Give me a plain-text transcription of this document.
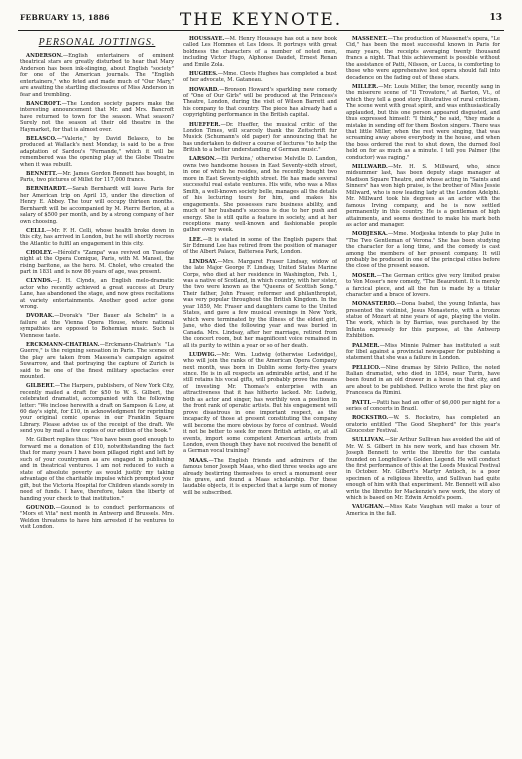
FEBRUARY 15, 1886	THE KEYNOTE.	13
PERSONAL JOTTINGS.

ANDERSON.—English entertainers of eminent theatrical stars are greatly disturbed to hear that Mary Anderson has been ink-slinging, about English "society" for one of the American journals. The "English entertainers," who feted and made much of "Our Mary," are awaiting the startling disclosures of Miss Anderson in fear and trembling.

BANCROFT.—The London society papers make the interesting announcement that Mr. and Mrs. Bancroft have returned to town for the season. What season? Surely not the season at their old theatre in the Haymarket, for that is almost over.

BELASCO.—"Valerie," by David Belasco, to be produced at Wallack's next Monday, is said to be a free adaptation of Sardou's "Fernande," which it will be remembered was the opening play at the Globe Theatre when it was rebuilt.

BENNETT.—Mr. James Gordon Bennett has bought, in Paris, two pictures of Millet for 117,000 francs.

BERNHARDT.—Sarah Bernhardt will leave Paris for her American trip on April 15, under the direction of Henry E. Abbey. The tour will occupy thirteen months. Bernhardt will be accompanied by M. Pierre Berton, at a salary of $500 per month, and by a strong company of her own choosing.

CELLI.—Mr. F. H. Celli, whose health broke down in this city, has arrived in London, but he will shortly recross the Atlantic to fulfil an engagement in this city.

CHOLEY.—Hérold's "Zampa" was revived on Tuesday night at the Opera Comique, Paris, with M. Mansel, the rising baritone, as the hero. M. Cholet, who created the part in 1831 and is now 86 years of age, was present.

CLYNDS.—J. H. Clynds, an English melo-dramatic actor who recently achieved a great success at Drury Lane, has abandoned the stage, and now gives recitations at variety entertainments. Another good actor gone wrong.

DVORAK.—Dvorak's "Der Bauer als Schelm" is a failure at the Vienna Opera House, where national sympathies are opposed to Bohemian music. Such is Viennese taste.

ERCKMANN-CHATRIAN.—Erckmann-Chatrian's "La Guerre," is the reigning sensation in Paris. The scenes of the play are taken from Massena's campaign against Suwarrow, and that portraying the capture of Zurich is said to be one of the finest military spectacles ever mounted.

GILBERT.—The Harpers, publishers, of New York City, recently mailed a draft for $50 to W. S. Gilbert, the celebrated dramatist, accompanied with the following letter: "We inclose herewith a draft on Sampson & Low, at 60 day's sight, for £10, in acknowledgment for reprinting your original comic operas in our Franklin Square Library. Please advise us of the receipt of the draft. We send you by mail a few copies of our edition of the book."

Mr. Gilbert replies thus: "You have been good enough to forward me a donation of £10, notwithstanding the fact that for many years I have been pillaged right and left by such of your countrymen as are engaged in publishing and in theatrical ventures. I am not reduced to such a state of absolute poverty as would justify my taking advantage of the charitable impulse which prompted your gift, but the Victoria Hospital for Children stands sorely in need of funds. I have, therefore, taken the liberty of handing your check to that institution."

GOUNOD.—Gounod is to conduct performances of "Mors et Vita" next month in Antwerp and Brussels. Mrs. Weldon threatens to have him arrested if he ventures to visit London.

HOUSSAYE.—M. Henry Houssaye has out a new book called Les Hommes et Les Idees. It portrays with great boldness the characters of a number of noted men, including Victor Hugo, Alphonse Daudet, Ernest Renan and Emile Zola.

HUGHES.—Mme. Clovis Hughes has completed a bust of her advocate, M. Gataneau.

HOWARD.—Bronson Howard's sparkling new comedy of "One of Our Girls" will be produced at the Princess's Theatre, London, during the visit of Wilson Barrett and his company to that country. The piece has already had a copyrighting performance in the British capital.

HUEFFER.—Dr. Hueffer, the musical critic of the London Times, will scarcely thank the Zeitschrift fur Musick (Schumann's old paper) for announcing that he has undertaken to deliver a course of lectures "to help the British to a better understanding of German music."

LARSON.—Eli Perkins,' otherwise Melville D. Landon, owns two handsome houses in East Seventy-sixth street, in one of which he resides, and he recently bought two more in East Seventy-eighth street. He has made several successful real estate ventures. His wife, who was a Miss Smith, a well-known society belle, manages all the details of his lecturing tours for him, and makes his engagements. She possesses rare business ability, and much of her husband's success is due to her push and energy. She is still quite a feature in society, and at her receptions many well-known and fashionable people gather every week.

LEE.—It is stated in some of the English papers that Sir Edmund Lee has retired from the position of manager of the Albert Palace, Battersea Park, London.

LINDSAY.—Mrs. Margaret Fraser Lindsay, widow of the late Major George F. Lindsay, United States Marine Corps, who died at her residence in Washington, Feb. 1, was a native of Scotland, in which country, with her sister, the two were known as the "Queens of Scottish Song." Their father, John Fraser, reformer and philanthropist, was very popular throughout the British Kingdom. In the year 1859, Mr. Fraser and daughters came to the United States, and gave a few musical evenings in New York, which were terminated by the illness of the eldest girl, Jane, who died the following year and was buried in Canada. Mrs. Lindsay, after her marriage, retired from the concert room, but her magnificent voice remained in all its purity to within a year or so of her death.

LUDWIG.—Mr. Wm. Ludwig (otherwise Ledwidge), who will join the ranks of the American Opera Company next month, was born in Dublin some forty-five years since. He is in all respects an admirable artist, and if he still retains his vocal gifts, will probably prove the means of investing Mr. Thomas's enterprise with an attractiveness that it has hitherto lacked. Mr. Ludwig, both as actor and singer, has worthily won a position in the front rank of operatic artists. But his engagement will prove disastrous in one important respect, as the incapacity of those at present constituting the company will become the more obvious by force of contrast. Would it not be better to seek for more British artists, or, at all events, import some competent American artists from London, even though they have not received the benefit of a German vocal training?

MAAS.—The English friends and admirers of the famous tenor Joseph Maas, who died three weeks ago are already bestirring themselves to erect a monument over his grave, and found a Maas scholarship. For these laudable objects, it is expected that a large sum of money will be subscribed.

MASSENET.—The production of Massenet's opera, "Le Cid," has been the most successful known in Paris for many years, the receipts averaging twenty thousand francs a night. That this achievement is possible without the assistance of Patti, Nilsson, or Lucca, is comforting to those who were apprehensive lest opera should fall into decadence on the fading out of these stars.

MILLER.—Mr. Louis Miller, the tenor, recently sang in the miserere scene of "Il Trovatore," at Barton, Vt., of which they tell a good story illustrative of rural criticism. The scene went with great spirit, and was enthusiastically applauded, but this one person appeared disgusted, and thus expressed himself: "I think," he said, "they made a mistake in sending off for them Boston singers. There was that little Miller, when the rest were singing, that was screaming away above everybody in the house, and when the boss ordered the rest to shut down, the durned fool held on for as much as a minute. I tell you Palmer (the conductor) was raging."

MILLWARD.—Mr. H. S. Millward, who, since midsummer last, has been deputy stage manager at Madison Square Theatre, and whose acting in "Saints and Sinners" has won high praise, is the brother of Miss Jessie Millward, who is now leading lady at the London Adelphi. Mr. Millward took his degrees as an actor with the famous Irving company, and he is now settled permanently in this country. He is a gentleman of high attainments, and seems destined to make his mark both as actor and manager.

MODJESKA.—Mme. Modjeska intends to play Julie in "The Two Gentleman of Verona." She has been studying the character for a long time, and the comedy is cast among the members of her present company. It will probably be produced in one of the principal cities before the close of the present season.

MOSER.—The German critics give very limited praise to Von Moser's new comedy, "The Beaurotent. It is merely a farcical piece, and all the fun is made by a titular character and a brace of lovers.

MONASTERIO.—Dona Isabel, the young Infanta, has presented the violinist, Jesus Monasterio, with a bronze statue of Mozart at nine years of age, playing the violin. The work, which is by Barrias, was purchased by the Infanta expressly for this purpose, at the Antwerp Exhibition.

PALMER.—Miss Minnie Palmer has instituted a suit for libel against a provincial newspaper for publishing a statement that she was a failure in London.

PELLICO.—Nine dramas by Silvio Pellico, the noted Italian dramatist, who died in 1854, near Turin, have been found in an old drawer in a house in that city, and are about to be published. Pellico wrote the first play on Francesca da Rimini.

PATTI.—Patti has had an offer of $6,000 per night for a series of concerts in Brazil.

ROCKSTRO.—W. S. Rockstro, has completed an oratorio entitled "The Good Shepherd" for this year's Gloucester Festival.

SULLIVAN.—Sir Arthur Sullivan has avoided the aid of Mr. W. S. Gilbert in his new work, and has chosen Mr. Joseph Bennett to write the libretto for the cantata founded on Longfellow's Golden Legend. He will conduct the first performance of this at the Leeds Musical Festival in October. Mr. Gilbert's Martyr Antioch, is a poor specimen of a religious libretto, and Sullivan had quite enough of him with that experiment. Mr. Bennett will also write the libretto for Mackenzie's new work, the story of which is based on Mr. Edwin Arnold's poem.

VAUGHAN.—Miss Kate Vaughan will make a tour of America in the fall.
